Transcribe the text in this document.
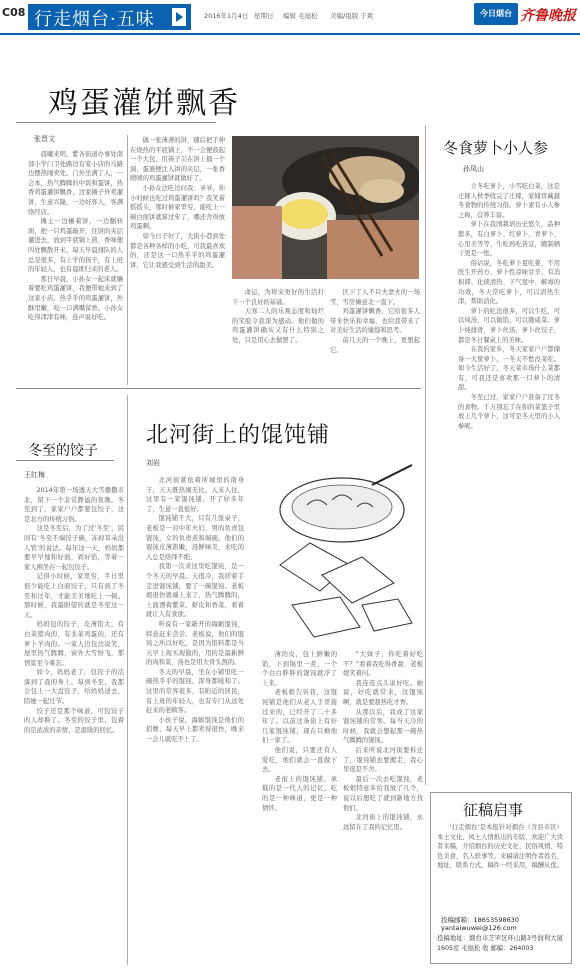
C08 行走烟台·五味	2016年1月4日 星期日 编辑 毛旭松 美编/组版 于爽	今日烟台 齐鲁晚报
鸡蛋灌饼飘香
张晋文

晨曦来明，紫各街道办事处南部小学门卫处路边有家小店的马路边摆热闹卖处。门外坐满了人，一会本，热气腾腾的中饭和蛋饼，热香鸡蛋灌饼飘香，这家摊子外卖灌饼，生意兴隆，一边好客人，客满络经店。

摊主一边摊着饼，一边翻转面，把一只鸡蛋敲开，往饼的夹层灌进去，放到平底锅上煎，香味便四处飘散开来，每天早晨排队的人总是很多，有上学的孩子，有上班的年轻人，也有晨练归来的老人。

那日早晨，小孙女一起床就嚷着要吃鸡蛋灌饼，我便带她来到了这家小店。热乎乎的鸡蛋灌饼，外酥里嫩，咬一口满嘴留香。小孙女吃得津津有味，连声说好吃。

做一张薄薄的饼，随后把手伸在烧热的平底锅上，不一会便鼓起一个大包，用筷子尖在饼上捅一个洞，蛋液便注入饼的夹层，一张香喷喷的鸡蛋灌饼就做好了。

小孙女边吃边问我：爷爷，你小时候也吃过鸡蛋灌饼吗？我笑着摇摇头，那时候家里穷，能吃上一顿白面饼就算过年了，哪还舍得放鸡蛋啊。

如今日子好了，大街小巷到处都是各种各样的小吃，可我最喜欢的，还是这一口热乎乎的鸡蛋灌饼，它让我感受到生活的甜美。

命运，为将来更好的生活打下一个良好的基础。

天寒二人的乐观态度和灿烂的笑脸令我深为感动。他们做的鸡蛋灌饼确实又有什么特别之处，只是用心去做罢了。

区下了人不只夫妻夫的一场雪，雪房摊意北一直下。

鸡蛋灌饼飘香，它给很多人带来快乐和幸福，也给我带来了对美好生活的憧憬和思考。

前几天的一个晚上，更想起它。

冬食萝卜小人参
孙凤山

立冬吃萝卜，小雪吃白菜，这是庄稼人秋季收完了庄稼，家储窖藏越冬食物的传统习俗。萝卜素有小人参之称，营养丰富。

萝卜在我国栽培历史悠久，品种繁多，有白萝卜、红萝卜、青萝卜、心里美等等，生吃熟吃皆宜，腌制晒干更是一绝。

俗话说，冬吃萝卜夏吃姜，不用医生开药方。萝卜性凉味甘辛，有消积滞、化痰清热、下气宽中、解毒的功效，冬天常吃萝卜，可以清热生津，帮助消化。

萝卜的吃法很多，可以生吃，可以炖汤，可以做馅，可以腌咸菜。萝卜炖排骨，萝卜丝汤，萝卜丝饺子，都是冬日餐桌上的美味。

在我的家乡，冬天家家户户都储备一大筐萝卜，一冬天不愁没菜吃。如今生活好了，冬天菜市场什么菜都有，可我还是喜欢那一口萝卜的清甜。

冬至已过，家家户户准备了过冬的食物。千万别忘了在你的菜篮子里放上几个萝卜，这可是冬天里的小人参呢。

冬至的饺子
王红梅

2014年第一场透天大雪播撒市北，留下一个非常静谧的夜晚。冬至到了，家家户户都要包饺子，这是北方的传统习俗。

这是冬至后，为了过‘冬至’，民间有‘冬至不端饺子碗，冻掉耳朵没人管’的说法。每年这一天，妈妈都要早早地和好面，剁好馅，等着一家人围坐在一起包饺子。

记得小时候，家里穷，平日里很少能吃上白面饺子，只有到了冬至和过年，才能美美地吃上一顿。那时候，我最盼望的就是冬至这一天。

妈妈包的饺子，皮薄馅大，有白菜猪肉的，有韭菜鸡蛋的，还有萝卜羊肉的。一家人边包边说笑，屋里热气腾腾，窗外大雪纷飞，那情景至今难忘。

如今，妈妈老了，包饺子的活落到了我的身上。每到冬至，我都会包上一大盘饺子，给妈妈送去，陪她一起过节。

饺子还是那个味道，可包饺子的人却换了。冬至的饺子里，包着的是浓浓的亲情，是温暖的回忆。

北河街上的馄饨铺
刘岩

北河街紧依着所城里的南身子，天天既热闹无比，人来人往，这里有一家馄饨铺，开了好多年了，生意一直很好。

馄饨铺不大，只有几张桌子，老板是一对中年夫妇，男的负责包馄饨，女的负责煮和端碗。他们的馄饨皮薄馅嫩，汤鲜味美，来吃的人总是络绎不绝。

我第一次来这里吃馄饨，是一个冬天的早晨。天很冷，我搓着手走进馄饨铺，要了一碗馄饨。老板娘很快就端上来了，热气腾腾的，上面漂着紫菜、虾皮和香菜，看着就让人有食欲。

听说有一家新开的海蛎馄饨，特意赶来尝尝。老板说，他们的馄饨之所以好吃，是因为馅料都是当天早上现买现做的，用的是最新鲜的肉和菜，汤也是用大骨头熬的。

冬天的早晨，坐在小铺里吃一碗热乎乎的馄饨，浑身都暖和了。这里的常客很多，有附近的居民，有上班的年轻人，也有专门从远处赶来的老顾客。

小伙子说，海蛎馄饨是他们的招牌，每天早上都卖得很快，晚来一会儿就吃不上了。

薄的皮，包上鲜嫩的馅，下到锅里一煮，一个个白白胖胖的馄饨就浮了上来。

老板娘告诉我，这馄饨铺是他们从老人手里接过来的，已经开了二十多年了。以前这条街上有好几家馄饨铺，现在只剩他们一家了。

他们说，只要还有人爱吃，他们就会一直做下去。

老街上的馄饨铺，承载的是一代人的记忆，吃的是一种味道，更是一种情怀。

“大妹子，你吃着好吃不？”看着我吃得香甜，老板娘笑着问。

我连连点头说好吃。她说，好吃就常来，这馄饨啊，就是要趁热吃才香。

从那以后，我成了这家馄饨铺的常客。每当天冷的时候，我就会想起那一碗热气腾腾的馄饨。

后来听说北河街要拆迁了，馄饨铺也要搬走，我心里很是不舍。

最后一次去吃馄饨，老板娘特意多给我放了几个，说以后想吃了就到新地方找他们。

北河街上的馄饨铺，永远留在了我的记忆里。

征稿启事

‘行走烟台’是本报针对烟台（含县市区）本土文化、风土人情推出的专版，欢迎广大读者来稿，介绍烟台的历史文化、民俗风情、特色美食、名人轶事等。来稿请注明作者姓名、地址、联系方式，稿件一经采用，稿酬从优。

投稿邮箱：18653598630
yantaiwuwei@126.com
投稿地址：烟台市芝罘区环山路3号润利大厦1605室 毛旭松 收 邮编：264003
